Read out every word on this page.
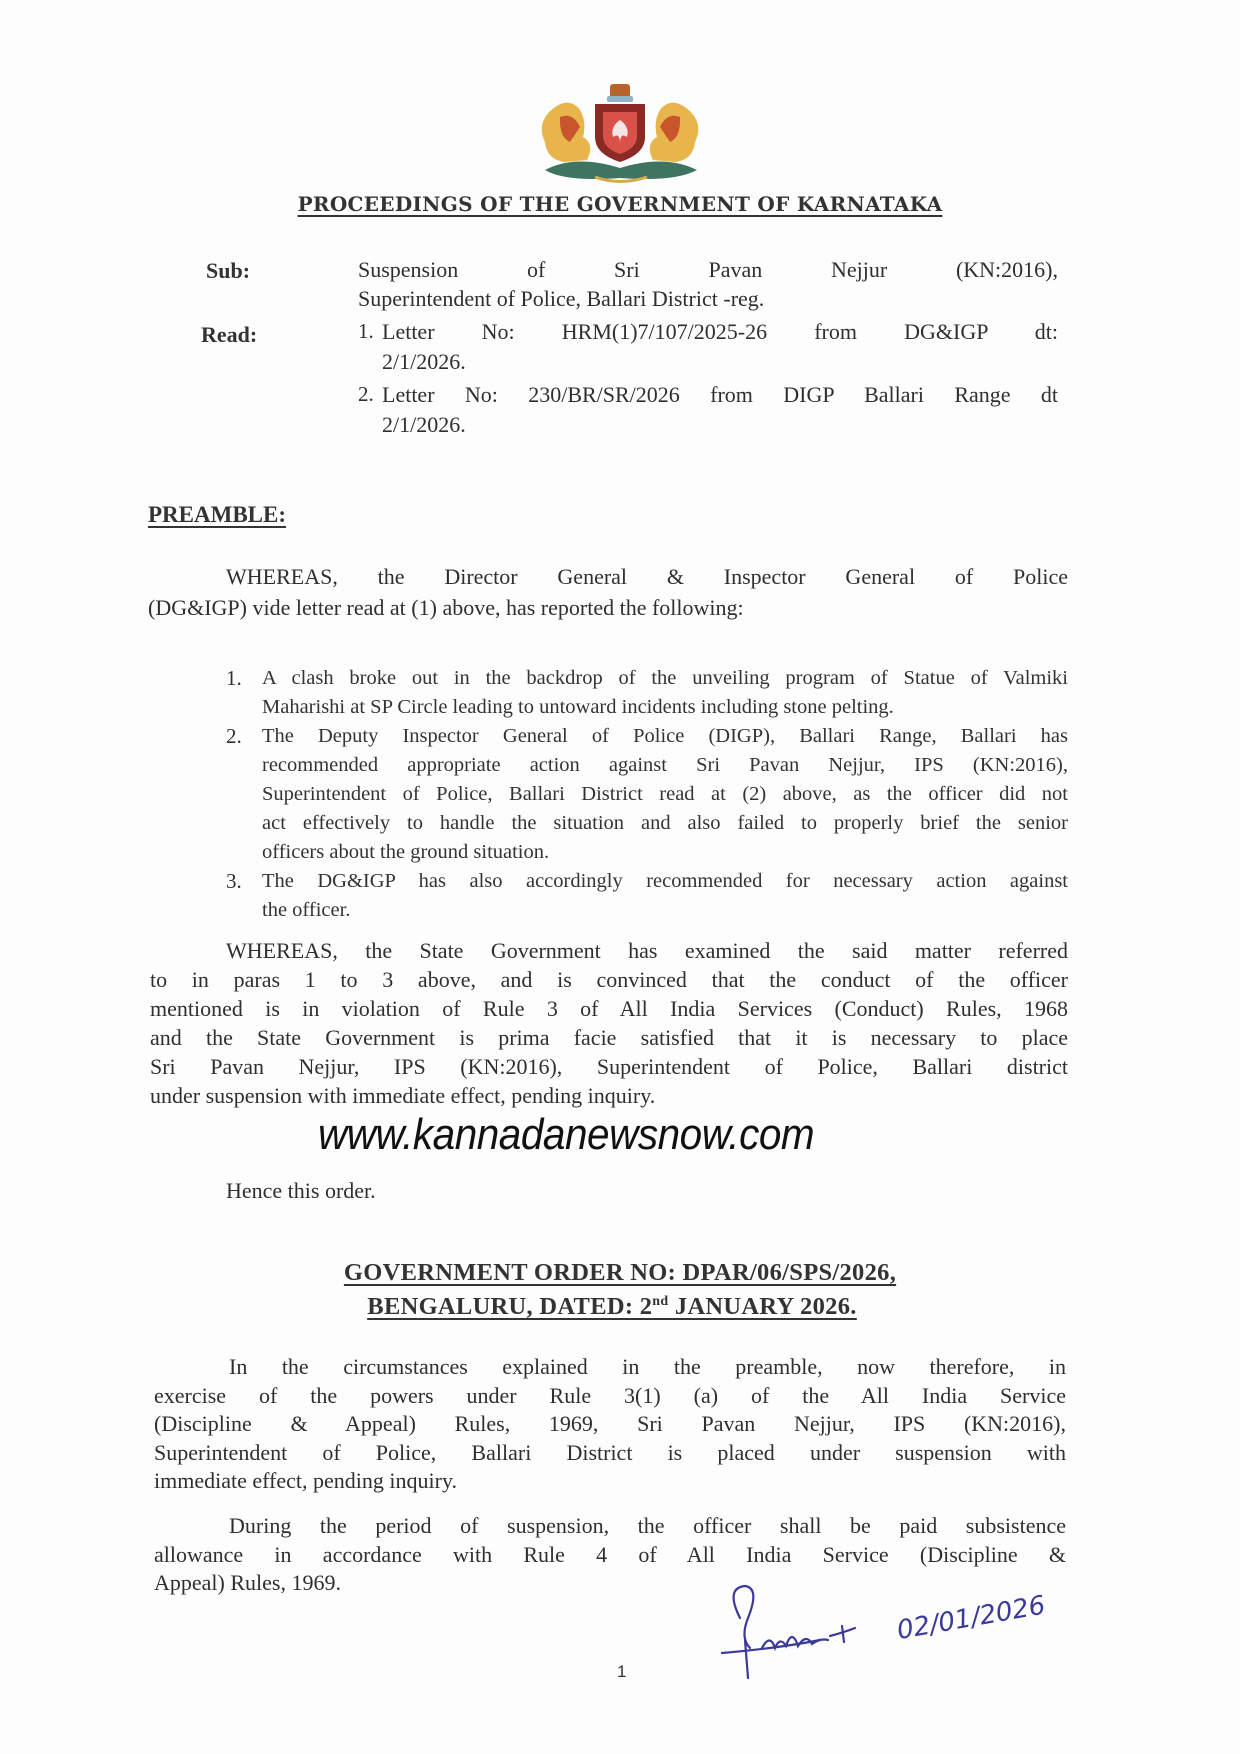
PROCEEDINGS OF THE GOVERNMENT OF KARNATAKA
Sub:	Suspension of Sri Pavan Nejjur (KN:2016),
Superintendent of Police, Ballari District -reg.
Read:	1. Letter No: HRM(1)7/107/2025-26 from DG&IGP dt:
2/1/2026.
2. Letter No: 230/BR/SR/2026 from DIGP Ballari Range dt
2/1/2026.
PREAMBLE:
WHEREAS, the Director General & Inspector General of Police
(DG&IGP) vide letter read at (1) above, has reported the following:
1. A clash broke out in the backdrop of the unveiling program of Statue of Valmiki
Maharishi at SP Circle leading to untoward incidents including stone pelting.
2. The Deputy Inspector General of Police (DIGP), Ballari Range, Ballari has
recommended appropriate action against Sri Pavan Nejjur, IPS (KN:2016),
Superintendent of Police, Ballari District read at (2) above, as the officer did not
act effectively to handle the situation and also failed to properly brief the senior
officers about the ground situation.
3. The DG&IGP has also accordingly recommended for necessary action against
the officer.
WHEREAS, the State Government has examined the said matter referred
to in paras 1 to 3 above, and is convinced that the conduct of the officer
mentioned is in violation of Rule 3 of All India Services (Conduct) Rules, 1968
and the State Government is prima facie satisfied that it is necessary to place
Sri Pavan Nejjur, IPS (KN:2016), Superintendent of Police, Ballari district
under suspension with immediate effect, pending inquiry.
www.kannadanewsnow.com
Hence this order.
GOVERNMENT ORDER NO: DPAR/06/SPS/2026,
BENGALURU, DATED: 2nd JANUARY 2026.
In the circumstances explained in the preamble, now therefore, in
exercise of the powers under Rule 3(1) (a) of the All India Service
(Discipline & Appeal) Rules, 1969, Sri Pavan Nejjur, IPS (KN:2016),
Superintendent of Police, Ballari District is placed under suspension with
immediate effect, pending inquiry.
During the period of suspension, the officer shall be paid subsistence
allowance in accordance with Rule 4 of All India Service (Discipline &
Appeal) Rules, 1969.
02/01/2026
1
